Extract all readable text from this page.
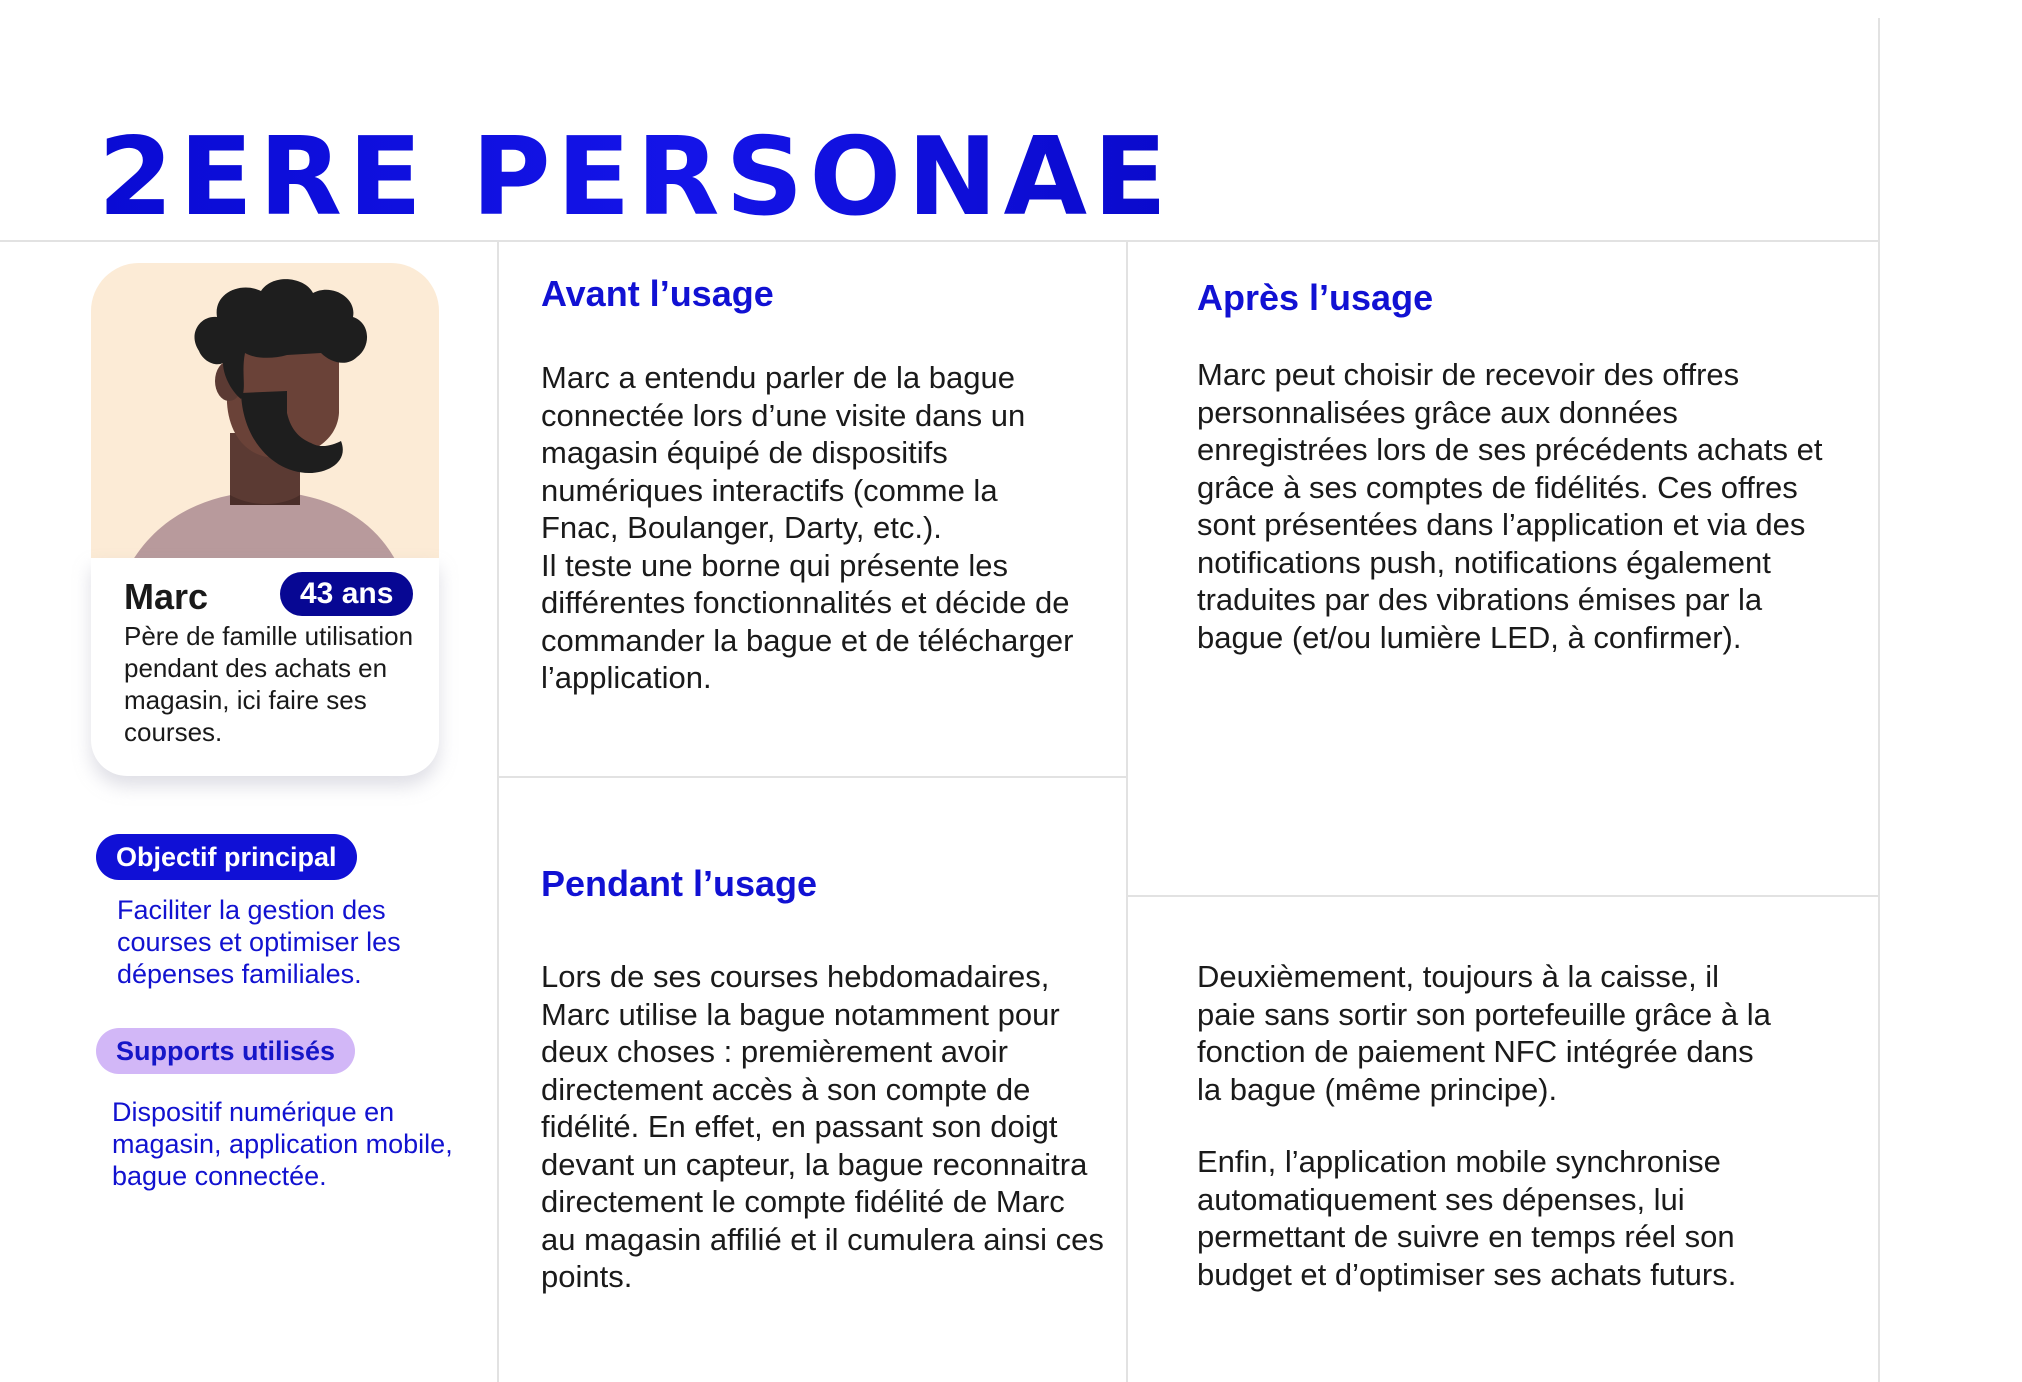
2ERE PERSONAE
Marc	43 ans
Père de famille utilisation pendant des achats en magasin, ici faire ses courses.
Objectif principal
Faciliter la gestion des courses et optimiser les dépenses familiales.
Supports utilisés
Dispositif numérique en magasin, application mobile, bague connectée.
Avant l’usage
Marc a entendu parler de la bague connectée lors d’une visite dans un magasin équipé de dispositifs numériques interactifs (comme la Fnac, Boulanger, Darty, etc.).
Il teste une borne qui présente les différentes fonctionnalités et décide de commander la bague et de télécharger l’application.
Pendant l’usage
Lors de ses courses hebdomadaires, Marc utilise la bague notamment pour deux choses : premièrement avoir directement accès à son compte de fidélité. En effet, en passant son doigt devant un capteur, la bague reconnaitra directement le compte fidélité de Marc au magasin affilié et il cumulera ainsi ces points.
Après l’usage
Marc peut choisir de recevoir des offres personnalisées grâce aux données enregistrées lors de ses précédents achats et grâce à ses comptes de fidélités. Ces offres sont présentées dans l’application et via des notifications push, notifications également traduites par des vibrations émises par la bague (et/ou lumière LED, à confirmer).
Deuxièmement, toujours à la caisse, il paie sans sortir son portefeuille grâce à la fonction de paiement NFC intégrée dans la bague (même principe).
Enfin, l’application mobile synchronise automatiquement ses dépenses, lui permettant de suivre en temps réel son budget et d’optimiser ses achats futurs.
